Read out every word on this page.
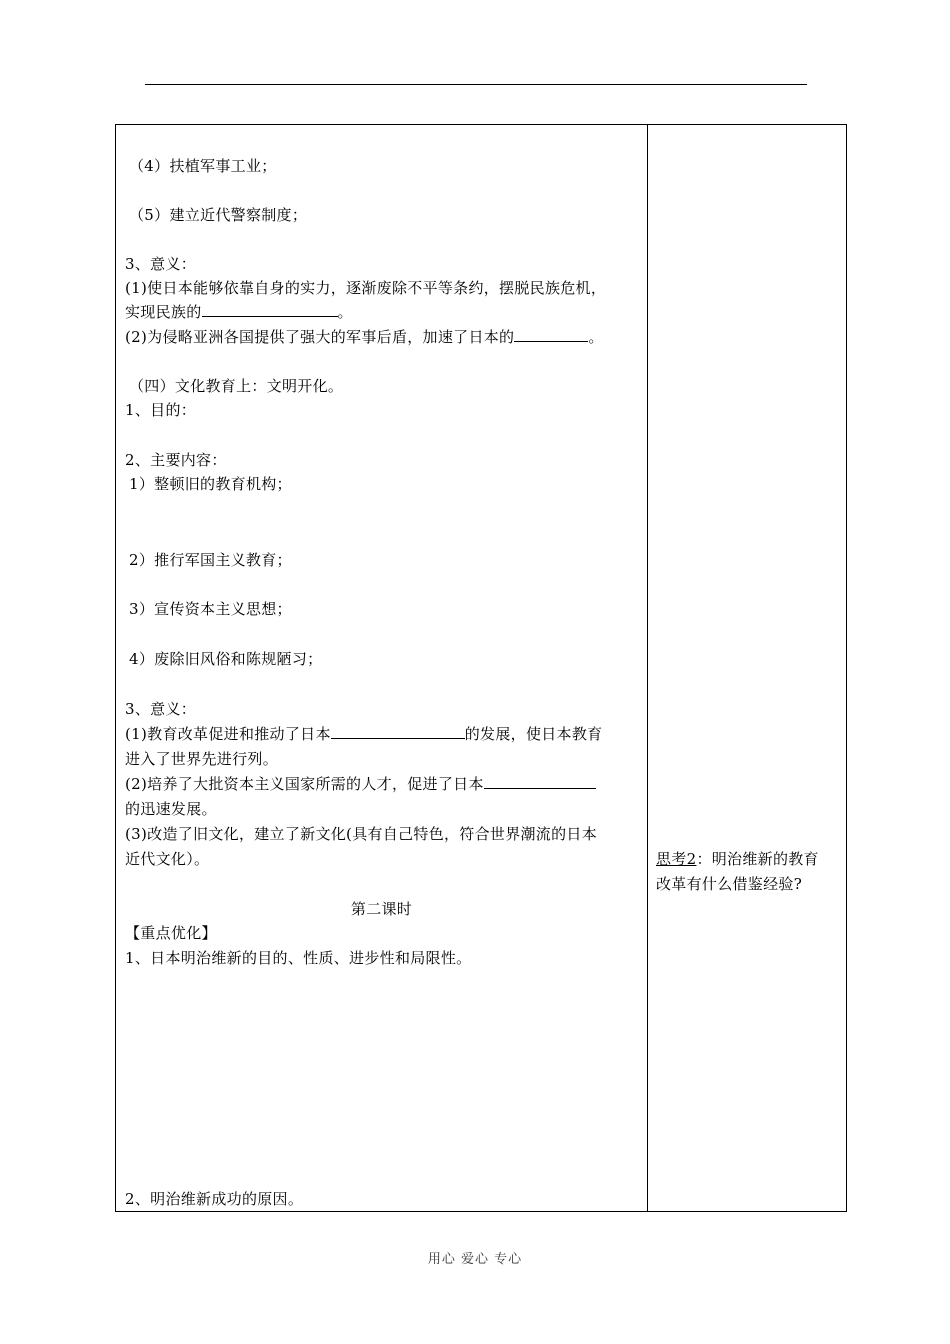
（4）扶植军事工业；
（5）建立近代警察制度；
3、意义：
(1)使日本能够依靠自身的实力，逐渐废除不平等条约，摆脱民族危机，
实现民族的	。
(2)为侵略亚洲各国提供了强大的军事后盾，加速了日本的	。
（四）文化教育上：文明开化。
1、目的：
2、主要内容：
1）整顿旧的教育机构；
2）推行军国主义教育；
3）宣传资本主义思想；
4）废除旧风俗和陈规陋习；
3、意义：
(1)教育改革促进和推动了日本	的发展，使日本教育
进入了世界先进行列。
(2)培养了大批资本主义国家所需的人才，促进了日本
的迅速发展。
(3)改造了旧文化，建立了新文化(具有自己特色，符合世界潮流的日本
近代文化）。
第二课时
【重点优化】
1、日本明治维新的目的、性质、进步性和局限性。
2、明治维新成功的原因。
思考2：明治维新的教育
改革有什么借鉴经验?
用心 爱心 专心
